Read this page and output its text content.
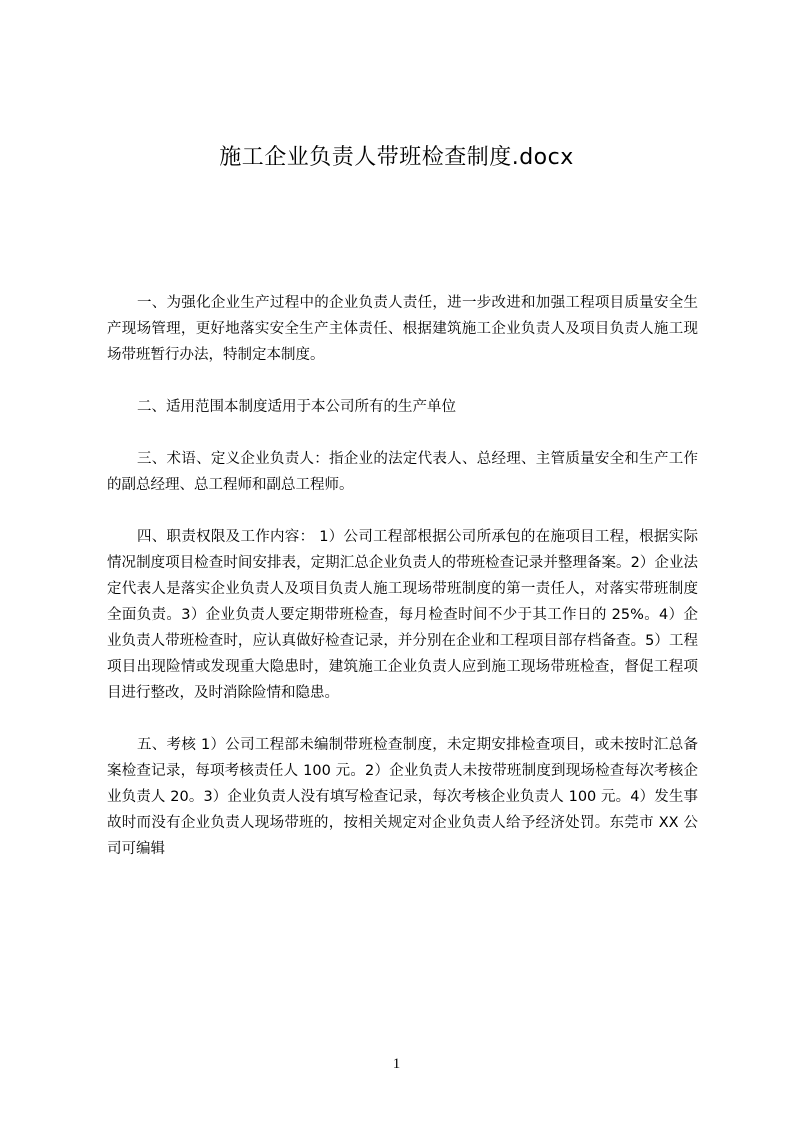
施工企业负责人带班检查制度.docx

一、为强化企业生产过程中的企业负责人责任，进一步改进和加强工程项目质量安全生产现场管理，更好地落实安全生产主体责任、根据建筑施工企业负责人及项目负责人施工现场带班暂行办法，特制定本制度。

二、适用范围本制度适用于本公司所有的生产单位

三、术语、定义企业负责人：指企业的法定代表人、总经理、主管质量安全和生产工作的副总经理、总工程师和副总工程师。

四、职责权限及工作内容： 1）公司工程部根据公司所承包的在施项目工程，根据实际情况制度项目检查时间安排表，定期汇总企业负责人的带班检查记录并整理备案。2）企业法定代表人是落实企业负责人及项目负责人施工现场带班制度的第一责任人，对落实带班制度全面负责。3）企业负责人要定期带班检查，每月检查时间不少于其工作日的 25%。4）企业负责人带班检查时，应认真做好检查记录，并分别在企业和工程项目部存档备查。5）工程项目出现险情或发现重大隐患时，建筑施工企业负责人应到施工现场带班检查，督促工程项目进行整改，及时消除险情和隐患。

五、考核 1）公司工程部未编制带班检查制度，未定期安排检查项目，或未按时汇总备案检查记录，每项考核责任人 100 元。2）企业负责人未按带班制度到现场检查每次考核企业负责人 20。3）企业负责人没有填写检查记录，每次考核企业负责人 100 元。4）发生事故时而没有企业负责人现场带班的，按相关规定对企业负责人给予经济处罚。东莞市 XX 公司可编辑

1
